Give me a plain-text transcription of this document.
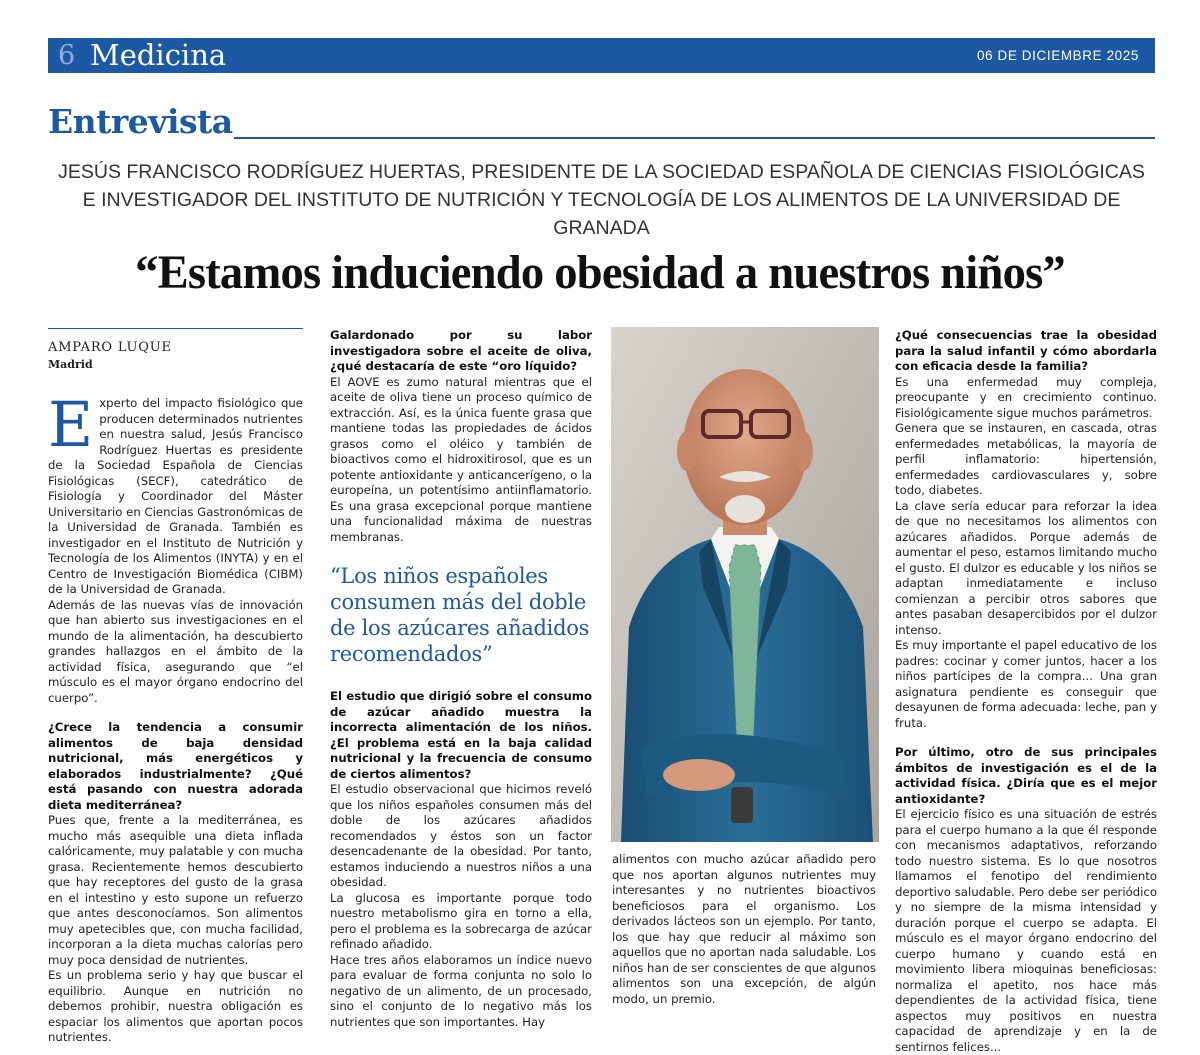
6 Medicina	06 DE DICIEMBRE 2025
Entrevista
JESÚS FRANCISCO RODRÍGUEZ HUERTAS, PRESIDENTE DE LA SOCIEDAD ESPAÑOLA DE CIENCIAS FISIOLÓGICAS
E INVESTIGADOR DEL INSTITUTO DE NUTRICIÓN Y TECNOLOGÍA DE LOS ALIMENTOS DE LA UNIVERSIDAD DE GRANADA
“Estamos induciendo obesidad a nuestros niños”
AMPARO LUQUE
Madrid

Experto del impacto fisiológico que producen determinados nutrientes en nuestra salud, Jesús Francisco Rodríguez Huertas es presidente de la Sociedad Española de Ciencias Fisiológicas (SECF), catedrático de Fisiología y Coordinador del Máster Universitario en Ciencias Gastronómicas de la Universidad de Granada. También es investigador en el Instituto de Nutrición y Tecnología de los Alimentos (INYTA) y en el Centro de Investigación Biomédica (CIBM) de la Universidad de Granada.

Además de las nuevas vías de innovación que han abierto sus investigaciones en el mundo de la alimentación, ha descubierto grandes hallazgos en el ámbito de la actividad física, asegurando que “el músculo es el mayor órgano endocrino del cuerpo”.

¿Crece la tendencia a consumir alimentos de baja densidad nutricional, más energéticos y elaborados industrialmente? ¿Qué está pasando con nuestra adorada dieta mediterránea?

Pues que, frente a la mediterránea, es mucho más asequible una dieta inflada calóricamente, muy palatable y con mucha grasa. Recientemente hemos descubierto que hay receptores del gusto de la grasa en el intestino y esto supone un refuerzo que antes desconocíamos. Son alimentos muy apetecibles que, con mucha facilidad, incorporan a la dieta muchas calorías pero muy poca densidad de nutrientes.

Es un problema serio y hay que buscar el equilibrio. Aunque en nutrición no debemos prohibir, nuestra obligación es espaciar los alimentos que aportan pocos nutrientes.

Galardonado por su labor investigadora sobre el aceite de oliva, ¿qué destacaría de este “oro líquido?

El AOVE es zumo natural mientras que el aceite de oliva tiene un proceso químico de extracción. Así, es la única fuente grasa que mantiene todas las propiedades de ácidos grasos como el oléico y también de bioactivos como el hidroxitirosol, que es un potente antioxidante y anticancerígeno, o la europeína, un potentísimo antiinflamatorio. Es una grasa excepcional porque mantiene una funcionalidad máxima de nuestras membranas.

“Los niños españoles consumen más del doble de los azúcares añadidos recomendados”

El estudio que dirigió sobre el consumo de azúcar añadido muestra la incorrecta alimentación de los niños. ¿El problema está en la baja calidad nutricional y la frecuencia de consumo de ciertos alimentos?

El estudio observacional que hicimos reveló que los niños españoles consumen más del doble de los azúcares añadidos recomendados y éstos son un factor desencadenante de la obesidad. Por tanto, estamos induciendo a nuestros niños a una obesidad.

La glucosa es importante porque todo nuestro metabolismo gira en torno a ella, pero el problema es la sobrecarga de azúcar refinado añadido.

Hace tres años elaboramos un índice nuevo para evaluar de forma conjunta no solo lo negativo de un alimento, de un procesado, sino el conjunto de lo negativo más los nutrientes que son importantes. Hay

alimentos con mucho azúcar añadido pero que nos aportan algunos nutrientes muy interesantes y no nutrientes bioactivos beneficiosos para el organismo. Los derivados lácteos son un ejemplo. Por tanto, los que hay que reducir al máximo son aquellos que no aportan nada saludable. Los niños han de ser conscientes de que algunos alimentos son una excepción, de algún modo, un premio.

¿Qué consecuencias trae la obesidad para la salud infantil y cómo abordarla con eficacia desde la familia?

Es una enfermedad muy compleja, preocupante y en crecimiento continuo. Fisiológicamente sigue muchos parámetros.

Genera que se instauren, en cascada, otras enfermedades metabólicas, la mayoría de perfil inflamatorio: hipertensión, enfermedades cardiovasculares y, sobre todo, diabetes.

La clave sería educar para reforzar la idea de que no necesitamos los alimentos con azúcares añadidos. Porque además de aumentar el peso, estamos limitando mucho el gusto. El dulzor es educable y los niños se adaptan inmediatamente e incluso comienzan a percibir otros sabores que antes pasaban desapercibidos por el dulzor intenso.

Es muy importante el papel educativo de los padres: cocinar y comer juntos, hacer a los niños partícipes de la compra... Una gran asignatura pendiente es conseguir que desayunen de forma adecuada: leche, pan y fruta.

Por último, otro de sus principales ámbitos de investigación es el de la actividad física. ¿Diría que es el mejor antioxidante?

El ejercicio físico es una situación de estrés para el cuerpo humano a la que él responde con mecanismos adaptativos, reforzando todo nuestro sistema. Es lo que nosotros llamamos el fenotipo del rendimiento deportivo saludable. Pero debe ser periódico y no siempre de la misma intensidad y duración porque el cuerpo se adapta. El músculo es el mayor órgano endocrino del cuerpo humano y cuando está en movimiento libera mioquinas beneficiosas: normaliza el apetito, nos hace más dependientes de la actividad física, tiene aspectos muy positivos en nuestra capacidad de aprendizaje y en la de sentirnos felices...
